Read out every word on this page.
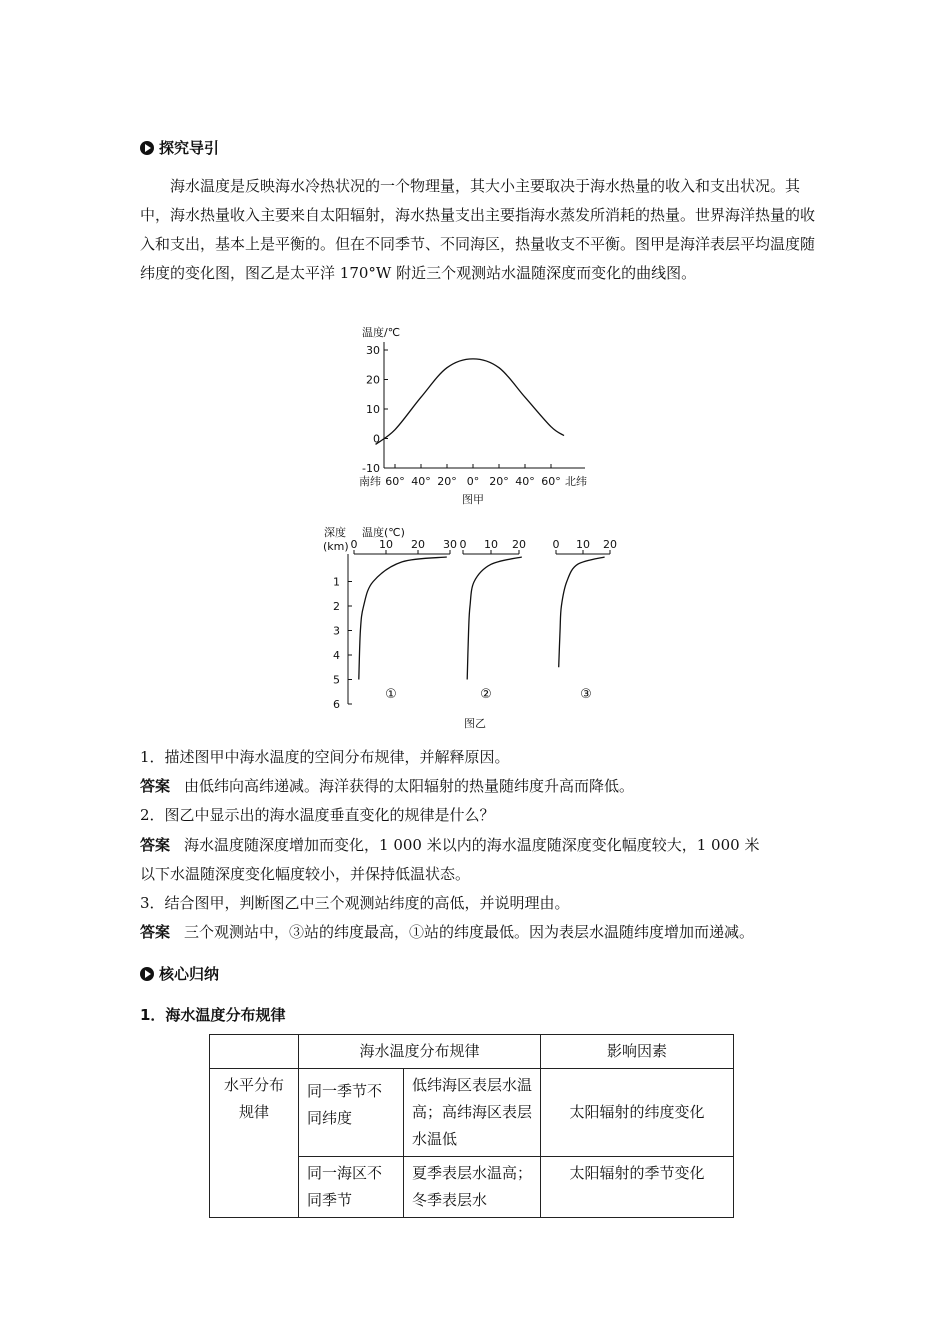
探究导引
海水温度是反映海水冷热状况的一个物理量，其大小主要取决于海水热量的收入和支出状况。其中，海水热量收入主要来自太阳辐射，海水热量支出主要指海水蒸发所消耗的热量。世界海洋热量的收入和支出，基本上是平衡的。但在不同季节、不同海区，热量收支不平衡。图甲是海洋表层平均温度随纬度的变化图，图乙是太平洋 170°W 附近三个观测站水温随深度而变化的曲线图。
温度/℃
30
20
10
0
-10
南纬 60° 40° 20° 0° 20° 40° 60° 北纬
图甲
深度
(km)
温度(℃)
1
2
3
4
5
6
0 10 20 30
①
0 10 20
②
0 10 20
③
图乙
1．描述图甲中海水温度的空间分布规律，并解释原因。
答案 由低纬向高纬递减。海洋获得的太阳辐射的热量随纬度升高而降低。
2．图乙中显示出的海水温度垂直变化的规律是什么？
答案 海水温度随深度增加而变化，1 000 米以内的海水温度随深度变化幅度较大，1 000 米
以下水温随深度变化幅度较小，并保持低温状态。
3．结合图甲，判断图乙中三个观测站纬度的高低，并说明理由。
答案 三个观测站中，③站的纬度最高，①站的纬度最低。因为表层水温随纬度增加而递减。
核心归纳
1．海水温度分布规律
	海水温度分布规律		影响因素

水平分布规律	同一季节不同纬度	低纬海区表层水温高；高纬海区表层水温低	太阳辐射的纬度变化

	同一海区不同季节	夏季表层水温高；冬季表层水	太阳辐射的季节变化
